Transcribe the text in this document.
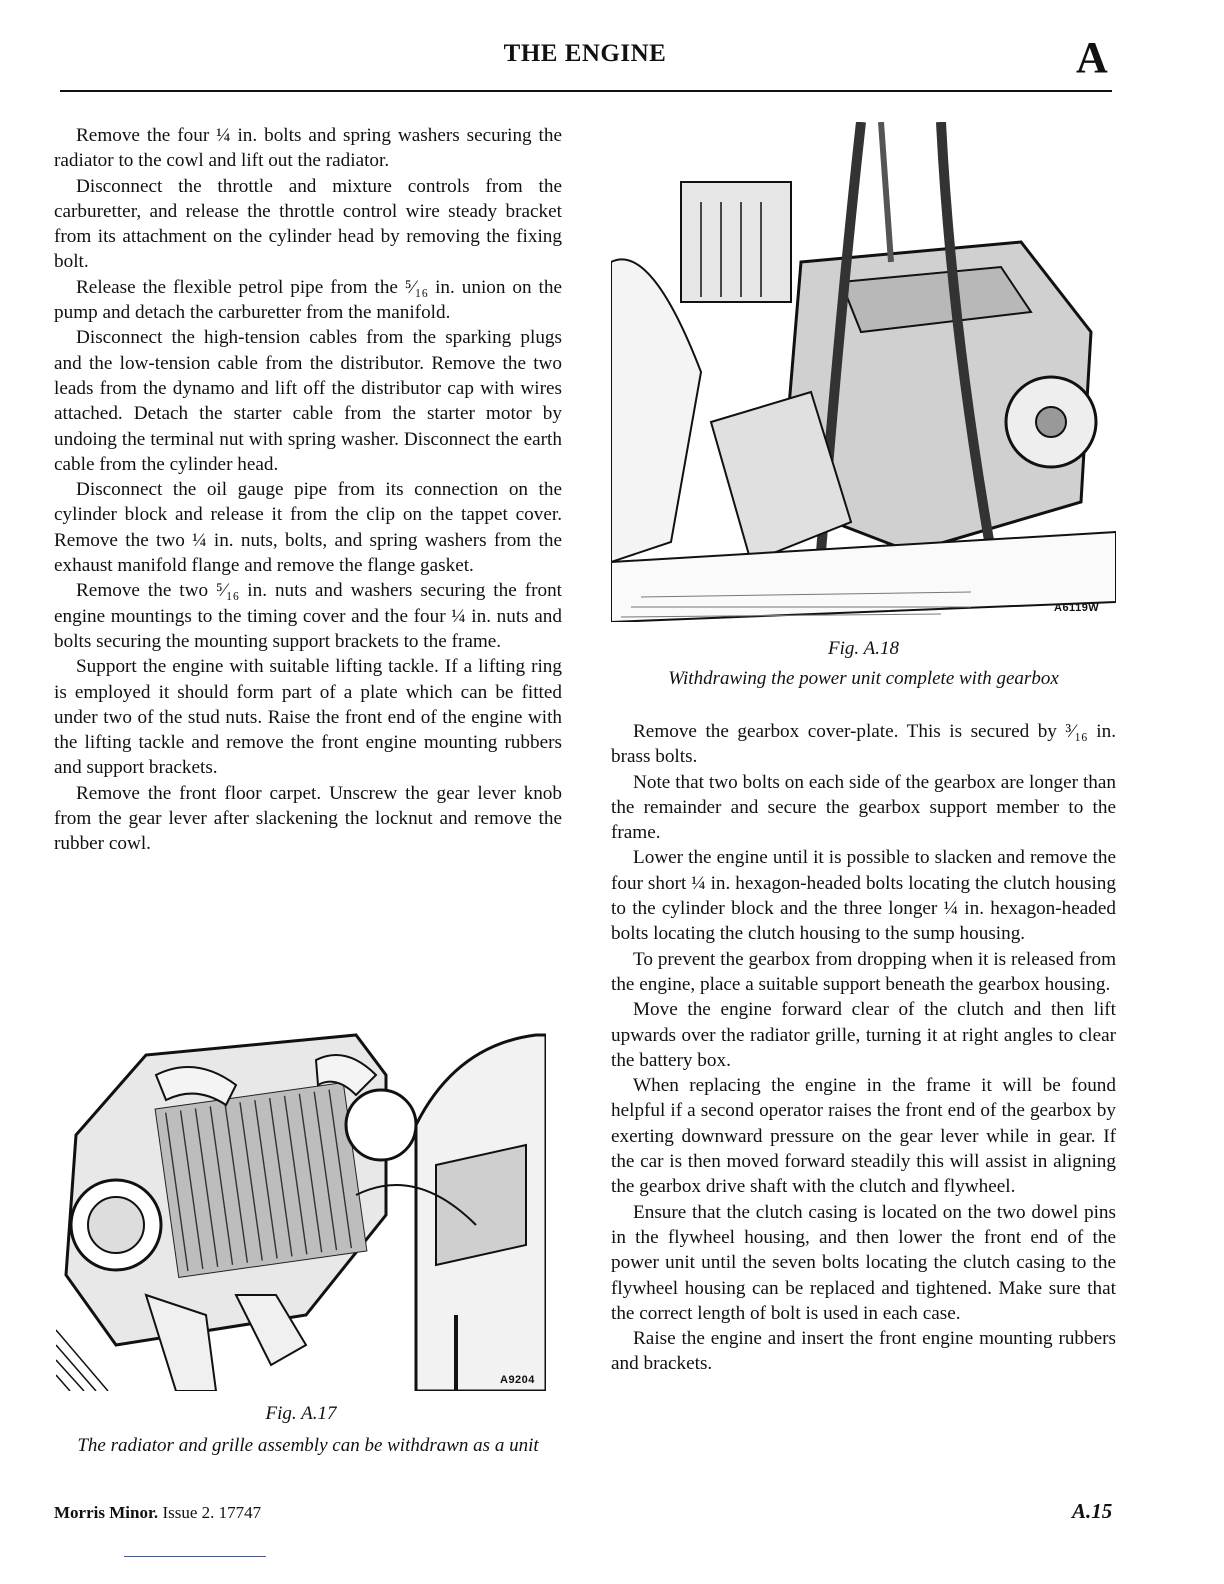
THE ENGINE	A

Remove the four ¼ in. bolts and spring washers securing the radiator to the cowl and lift out the radiator.

Disconnect the throttle and mixture controls from the carburetter, and release the throttle control wire steady bracket from its attachment on the cylinder head by removing the fixing bolt.

Release the flexible petrol pipe from the ⁵⁄₁₆ in. union on the pump and detach the carburetter from the manifold.

Disconnect the high-tension cables from the sparking plugs and the low-tension cable from the distributor. Remove the two leads from the dynamo and lift off the distributor cap with wires attached. Detach the starter cable from the starter motor by undoing the terminal nut with spring washer. Disconnect the earth cable from the cylinder head.

Disconnect the oil gauge pipe from its connection on the cylinder block and release it from the clip on the tappet cover. Remove the two ¼ in. nuts, bolts, and spring washers from the exhaust manifold flange and remove the flange gasket.

Remove the two ⁵⁄₁₆ in. nuts and washers securing the front engine mountings to the timing cover and the four ¼ in. nuts and bolts securing the mounting support brackets to the frame.

Support the engine with suitable lifting tackle. If a lifting ring is employed it should form part of a plate which can be fitted under two of the stud nuts. Raise the front end of the engine with the lifting tackle and remove the front engine mounting rubbers and support brackets.

Remove the front floor carpet. Unscrew the gear lever knob from the gear lever after slackening the locknut and remove the rubber cowl.

A9204
Fig. A.17
The radiator and grille assembly can be withdrawn as a unit
A6119W
Fig. A.18
Withdrawing the power unit complete with gearbox

Remove the gearbox cover-plate. This is secured by ³⁄₁₆ in. brass bolts.

Note that two bolts on each side of the gearbox are longer than the remainder and secure the gearbox support member to the frame.

Lower the engine until it is possible to slacken and remove the four short ¼ in. hexagon-headed bolts locating the clutch housing to the cylinder block and the three longer ¼ in. hexagon-headed bolts locating the clutch housing to the sump housing.

To prevent the gearbox from dropping when it is released from the engine, place a suitable support beneath the gearbox housing.

Move the engine forward clear of the clutch and then lift upwards over the radiator grille, turning it at right angles to clear the battery box.

When replacing the engine in the frame it will be found helpful if a second operator raises the front end of the gearbox by exerting downward pressure on the gear lever while in gear. If the car is then moved forward steadily this will assist in aligning the gearbox drive shaft with the clutch and flywheel.

Ensure that the clutch casing is located on the two dowel pins in the flywheel housing, and then lower the front end of the power unit until the seven bolts locating the clutch casing to the flywheel housing can be replaced and tightened. Make sure that the correct length of bolt is used in each case.

Raise the engine and insert the front engine mounting rubbers and brackets.

Morris Minor. Issue 2. 17747	A.15
